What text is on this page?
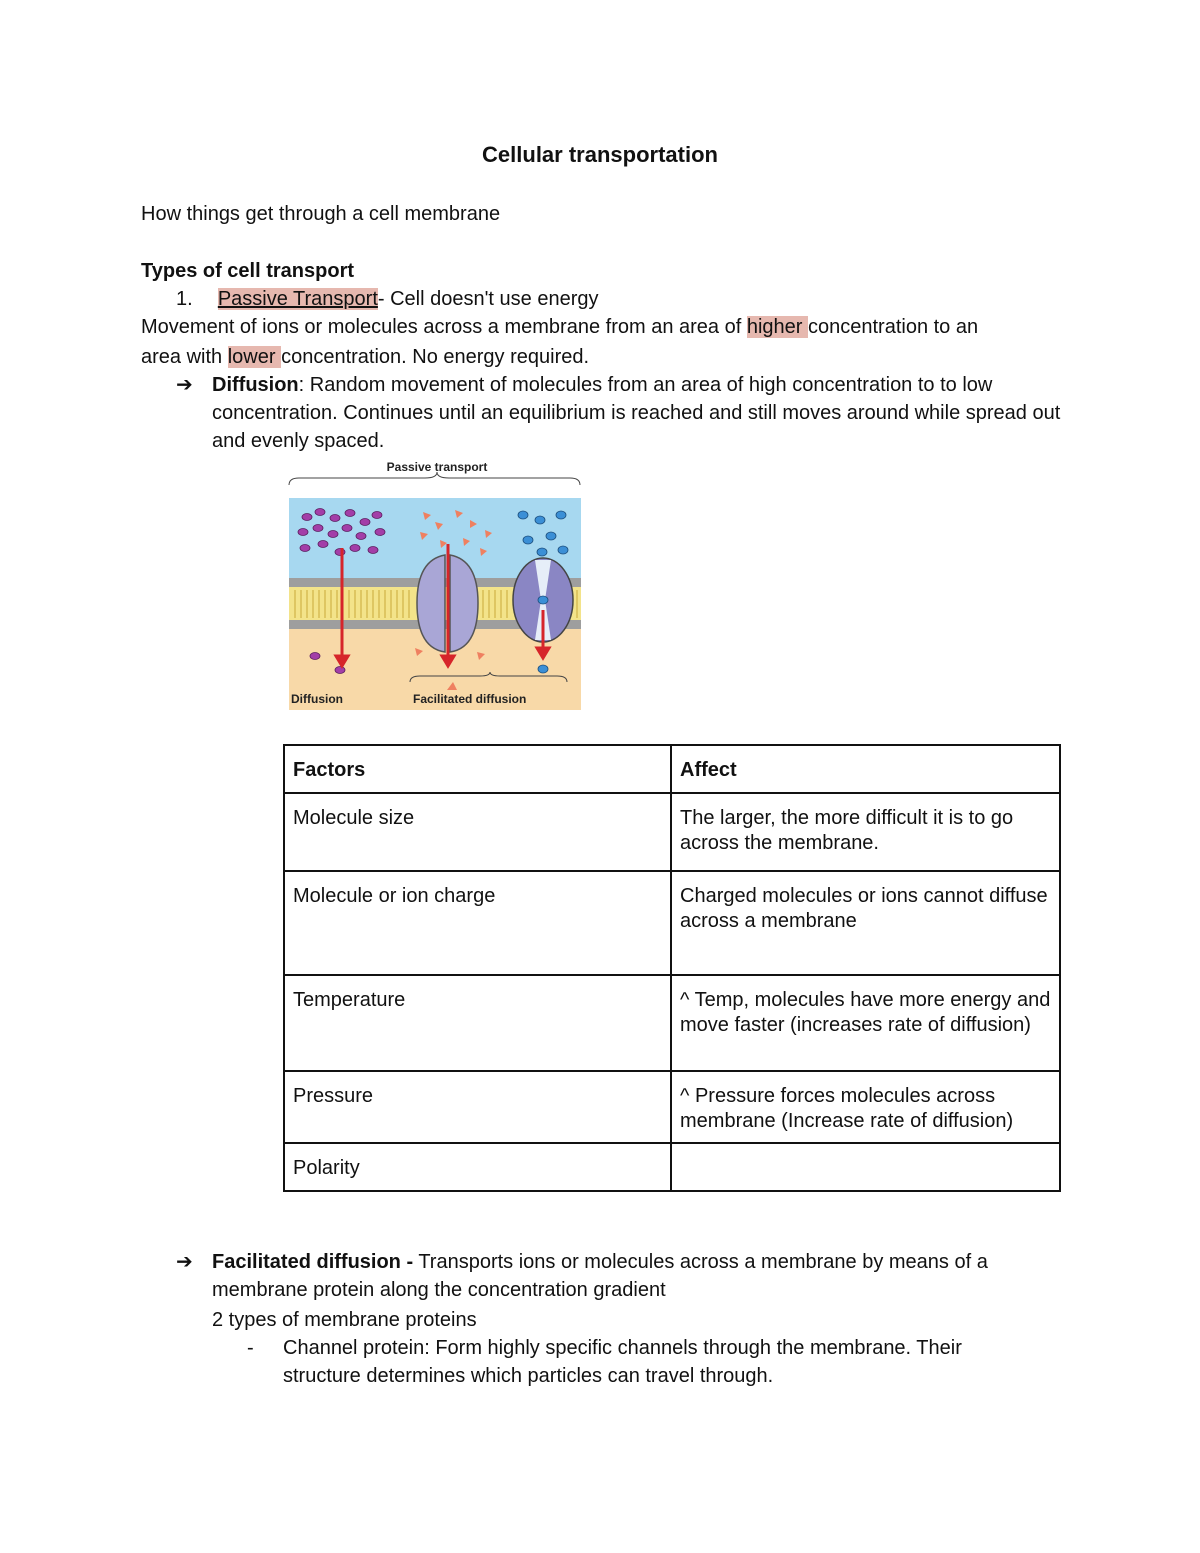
Cellular transportation
How things get through a cell membrane
Types of cell transport
1. Passive Transport- Cell doesn't use energy
Movement of ions or molecules across a membrane from an area of higher concentration to an
area with lower concentration. No energy required.
➔ Diffusion: Random movement of molecules from an area of high concentration to to low concentration. Continues until an equilibrium is reached and still moves around while spread out and evenly spaced.
Passive transport
Diffusion	Facilitated diffusion
Factors	Affect
Molecule size	The larger, the more difficult it is to go across the membrane.
Molecule or ion charge	Charged molecules or ions cannot diffuse across a membrane
Temperature	^ Temp, molecules have more energy and move faster (increases rate of diffusion)
Pressure	^ Pressure forces molecules across membrane (Increase rate of diffusion)
Polarity	
➔ Facilitated diffusion - Transports ions or molecules across a membrane by means of a membrane protein along the concentration gradient
2 types of membrane proteins
- Channel protein: Form highly specific channels through the membrane. Their structure determines which particles can travel through.
